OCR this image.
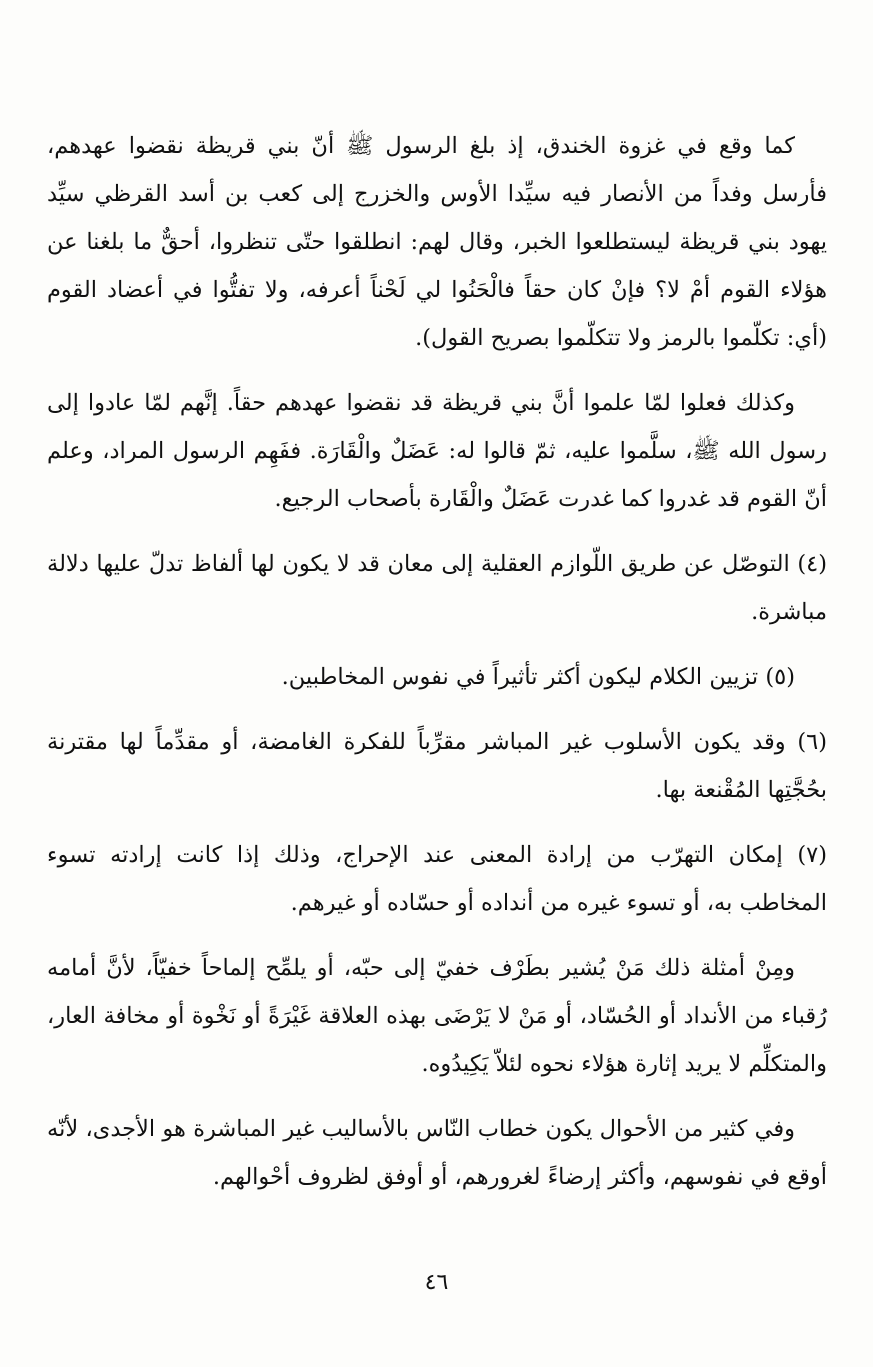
كما وقع في غزوة الخندق، إذ بلغ الرسول ﷺ أنّ بني قريظة نقضوا عهدهم، فأرسل وفداً من الأنصار فيه سيِّدا الأوس والخزرج إلى كعب بن أسد القرظي سيِّد يهود بني قريظة ليستطلعوا الخبر، وقال لهم: انطلقوا حتّى تنظروا، أحقٌّ ما بلغنا عن هؤلاء القوم أمْ لا؟ فإنْ كان حقاً فالْحَنُوا لي لَحْناً أعرفه، ولا تفتُّوا في أعضاد القوم (أي: تكلّموا بالرمز ولا تتكلّموا بصريح القول).

وكذلك فعلوا لمّا علموا أنَّ بني قريظة قد نقضوا عهدهم حقاً. إنَّهم لمّا عادوا إلى رسول الله ﷺ، سلَّموا عليه، ثمّ قالوا له: عَضَلٌ والْقَارَة. ففَهِم الرسول المراد، وعلم أنّ القوم قد غدروا كما غدرت عَضَلٌ والْقَارة بأصحاب الرجيع.

(٤) التوصّل عن طريق اللّوازم العقلية إلى معان قد لا يكون لها ألفاظ تدلّ عليها دلالة مباشرة.

(٥) تزيين الكلام ليكون أكثر تأثيراً في نفوس المخاطبين.

(٦) وقد يكون الأسلوب غير المباشر مقرِّباً للفكرة الغامضة، أو مقدِّماً لها مقترنة بحُجَّتِها المُقْنعة بها.

(٧) إمكان التهرّب من إرادة المعنى عند الإحراج، وذلك إذا كانت إرادته تسوء المخاطب به، أو تسوء غيره من أنداده أو حسّاده أو غيرهم.

ومِنْ أمثلة ذلك مَنْ يُشير بطَرْف خفيّ إلى حبّه، أو يلمِّح إلماحاً خفيّاً، لأنَّ أمامه رُقباء من الأنداد أو الحُسّاد، أو مَنْ لا يَرْضَى بهذه العلاقة غَيْرَةً أو نَخْوة أو مخافة العار، والمتكلِّم لا يريد إثارة هؤلاء نحوه لئلاّ يَكِيدُوه.

وفي كثير من الأحوال يكون خطاب النّاس بالأساليب غير المباشرة هو الأجدى، لأنّه أوقع في نفوسهم، وأكثر إرضاءً لغرورهم، أو أوفق لظروف أحْوالهم.

٤٦
